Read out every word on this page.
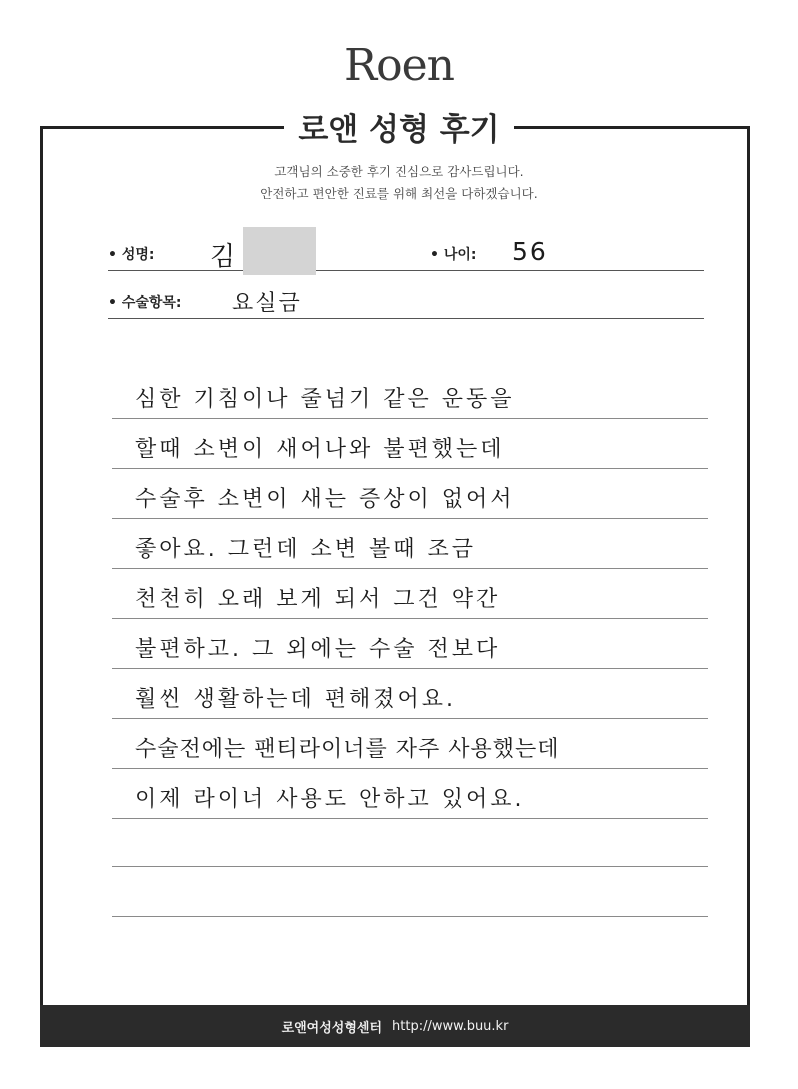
Roen
로앤 성형 후기
고객님의 소중한 후기 진심으로 감사드립니다.
안전하고 편안한 진료를 위해 최선을 다하겠습니다.
• 성명: 김	• 나이: 56
• 수술항목: 요실금
심한 기침이나 줄넘기 같은 운동을
할때 소변이 새어나와 불편했는데
수술후 소변이 새는 증상이 없어서
좋아요. 그런데 소변 볼때 조금
천천히 오래 보게 되서 그건 약간
불편하고. 그 외에는 수술 전보다
훨씬 생활하는데 편해졌어요.
수술전에는 팬티라이너를 자주 사용했는데
이제 라이너 사용도 안하고 있어요.
로앤여성성형센터 http://www.buu.kr
